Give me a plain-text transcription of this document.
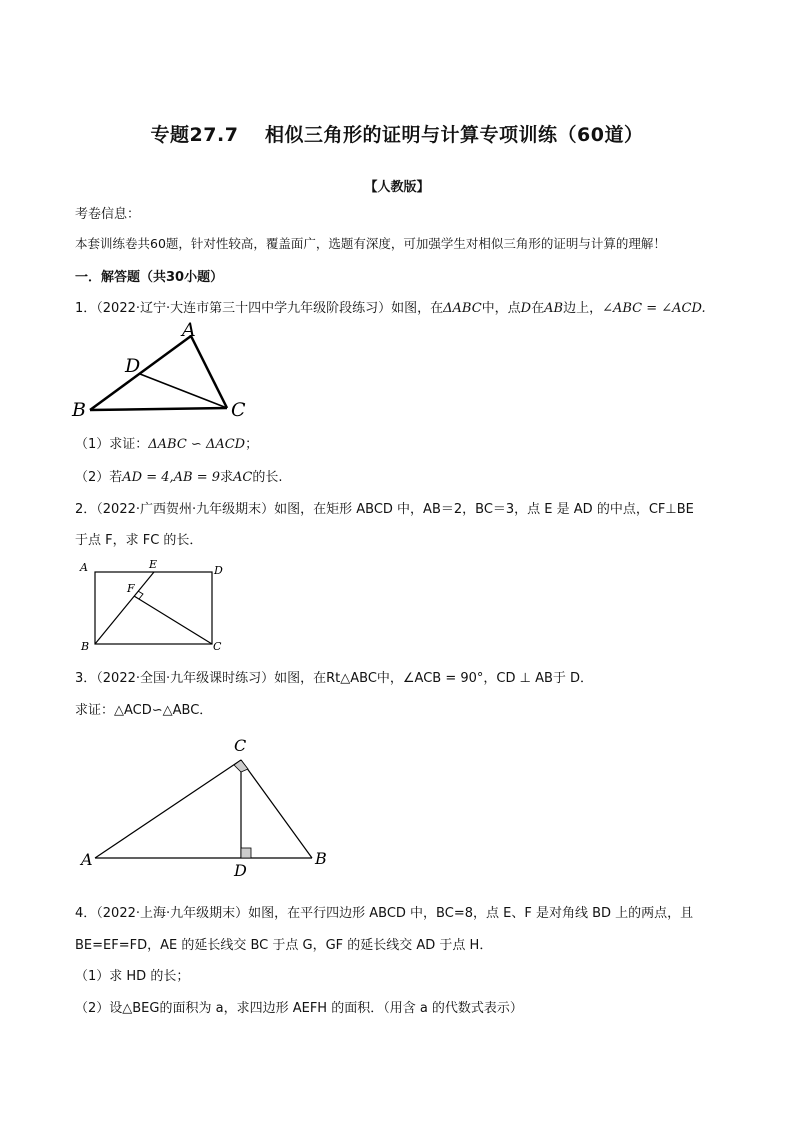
专题27.7　 相似三角形的证明与计算专项训练（60道）
【人教版】
考卷信息：
本套训练卷共60题，针对性较高，覆盖面广，选题有深度，可加强学生对相似三角形的证明与计算的理解！
一．解答题（共30小题）
1．（2022·辽宁·大连市第三十四中学九年级阶段练习）如图，在ΔABC中，点D在AB边上，∠ABC = ∠ACD.
A
B	C
D
（1）求证：ΔABC ∽ ΔACD；
（2）若AD = 4,AB = 9求AC的长.
2．（2022·广西贺州·九年级期末）如图，在矩形 ABCD 中，AB＝2，BC＝3，点 E 是 AD 的中点，CF⊥BE
于点 F，求 FC 的长．
A	E	D
F
B	C
3．（2022·全国·九年级课时练习）如图，在Rt△ABC中，∠ACB = 90°，CD ⊥ AB于 D．
求证：△ACD∽△ABC．
C
A	B
D
4．（2022·上海·九年级期末）如图，在平行四边形 ABCD 中，BC=8，点 E、F 是对角线 BD 上的两点，且
BE=EF=FD，AE 的延长线交 BC 于点 G，GF 的延长线交 AD 于点 H．
（1）求 HD 的长；
（2）设△BEG的面积为 a，求四边形 AEFH 的面积．（用含 a 的代数式表示）
